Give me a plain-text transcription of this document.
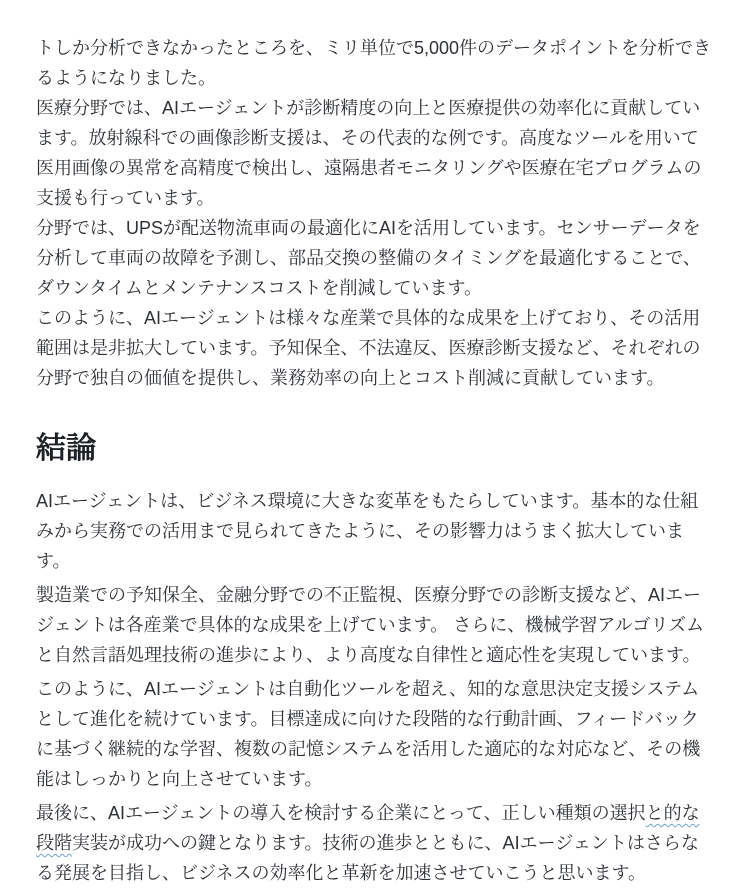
トしか分析できなかったところを、ミリ単位で5,000件のデータポイントを分析でき
るようになりました。
医療分野では、AIエージェントが診断精度の向上と医療提供の効率化に貢献してい
ます。放射線科での画像診断支援は、その代表的な例です。高度なツールを用いて
医用画像の異常を高精度で検出し、遠隔患者モニタリングや医療在宅プログラムの
支援も行っています。
分野では、UPSが配送物流車両の最適化にAIを活用しています。センサーデータを
分析して車両の故障を予測し、部品交換の整備のタイミングを最適化することで、
ダウンタイムとメンテナンスコストを削減しています。
このように、AIエージェントは様々な産業で具体的な成果を上げており、その活用
範囲は是非拡大しています。予知保全、不法違反、医療診断支援など、それぞれの
分野で独自の価値を提供し、業務効率の向上とコスト削減に貢献しています。
結論
AIエージェントは、ビジネス環境に大きな変革をもたらしています。基本的な仕組
みから実務での活用まで見られてきたように、その影響力はうまく拡大していま
す。
製造業での予知保全、金融分野での不正監視、医療分野での診断支援など、AIエー
ジェントは各産業で具体的な成果を上げています。 さらに、機械学習アルゴリズム
と自然言語処理技術の進歩により、より高度な自律性と適応性を実現しています。
このように、AIエージェントは自動化ツールを超え、知的な意思決定支援システム
として進化を続けています。目標達成に向けた段階的な行動計画、フィードバック
に基づく継続的な学習、複数の記憶システムを活用した適応的な対応など、その機
能はしっかりと向上させています。
最後に、AIエージェントの導入を検討する企業にとって、正しい種類の選択と的な
段階実装が成功への鍵となります。技術の進歩とともに、AIエージェントはさらな
る発展を目指し、ビジネスの効率化と革新を加速させていこうと思います。
